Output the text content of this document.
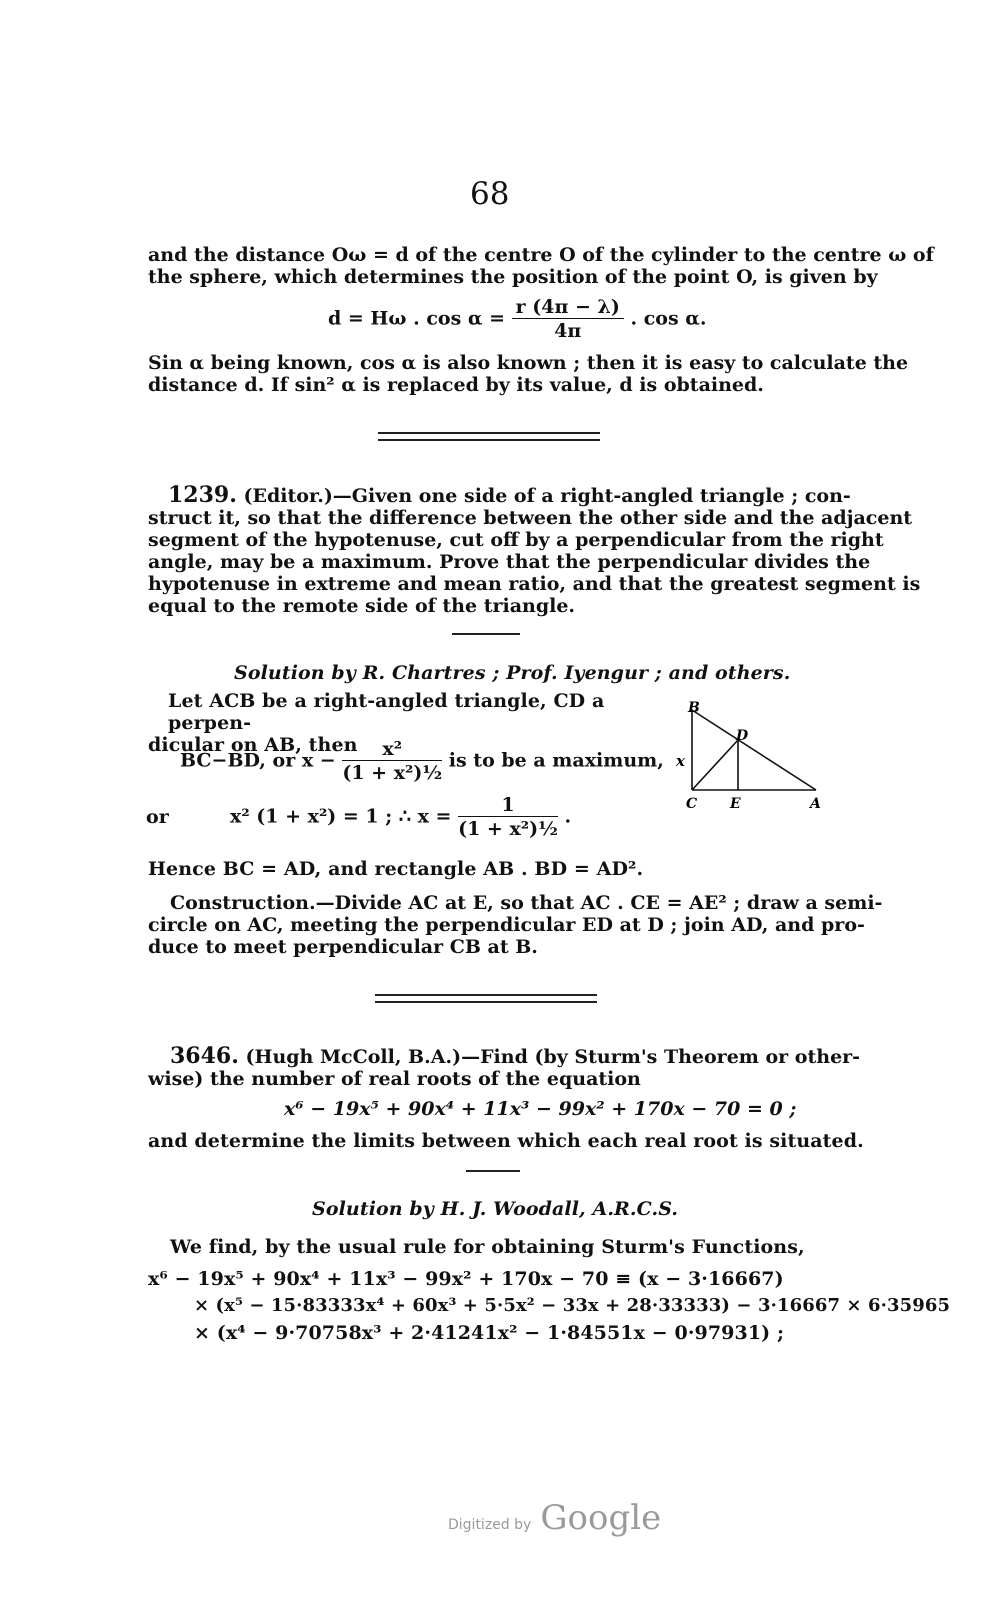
68
and the distance Oω = d of the centre O of the cylinder to the centre ω of
the sphere, which determines the position of the point O, is given by
d = Hω . $\cos \alpha = \frac{r (4\pi - \lambda)}{4\pi}$ . cos α.
Sin α being known, cos α is also known ; then it is easy to calculate the
distance d. If sin² α is replaced by its value, d is obtained.
1239. (Editor.)—Given one side of a right-angled triangle ; con-
struct it, so that the difference between the other side and the adjacent
segment of the hypotenuse, cut off by a perpendicular from the right
angle, may be a maximum. Prove that the perpendicular divides the
hypotenuse in extreme and mean ratio, and that the greatest segment is
equal to the remote side of the triangle.
Solution by R. Chartres ; Prof. Iyengur ; and others.
Let ACB be a right-angled triangle, CD a perpen-
dicular on AB, then
BC−BD, or $x - \frac{\text{x²}}{\text{(1 + x²)½}}$ is to be a maximum,
or	x² (1 + x²) = 1 ; ∴ $x = \frac{1}{\text{(1 + x²)½}}$ .
B
D
x
C E	A
Hence BC = AD, and rectangle AB . BD = AD².
Construction.—Divide AC at E, so that AC . CE = AE² ; draw a semi-
circle on AC, meeting the perpendicular ED at D ; join AD, and pro-
duce to meet perpendicular CB at B.
3646. (Hugh McColl, B.A.)—Find (by Sturm's Theorem or other-
wise) the number of real roots of the equation
x⁶ − 19x⁵ + 90x⁴ + 11x³ − 99x² + 170x − 70 = 0 ;
and determine the limits between which each real root is situated.
Solution by H. J. Woodall, A.R.C.S.
We find, by the usual rule for obtaining Sturm's Functions,
x⁶ − 19x⁵ + 90x⁴ + 11x³ − 99x² + 170x − 70 ≡ (x − 3·16667)
× (x⁵ − 15·83333x⁴ + 60x³ + 5·5x² − 33x + 28·33333) − 3·16667 × 6·35965
× (x⁴ − 9·70758x³ + 2·41241x² − 1·84551x − 0·97931) ;
Digitized by Google
